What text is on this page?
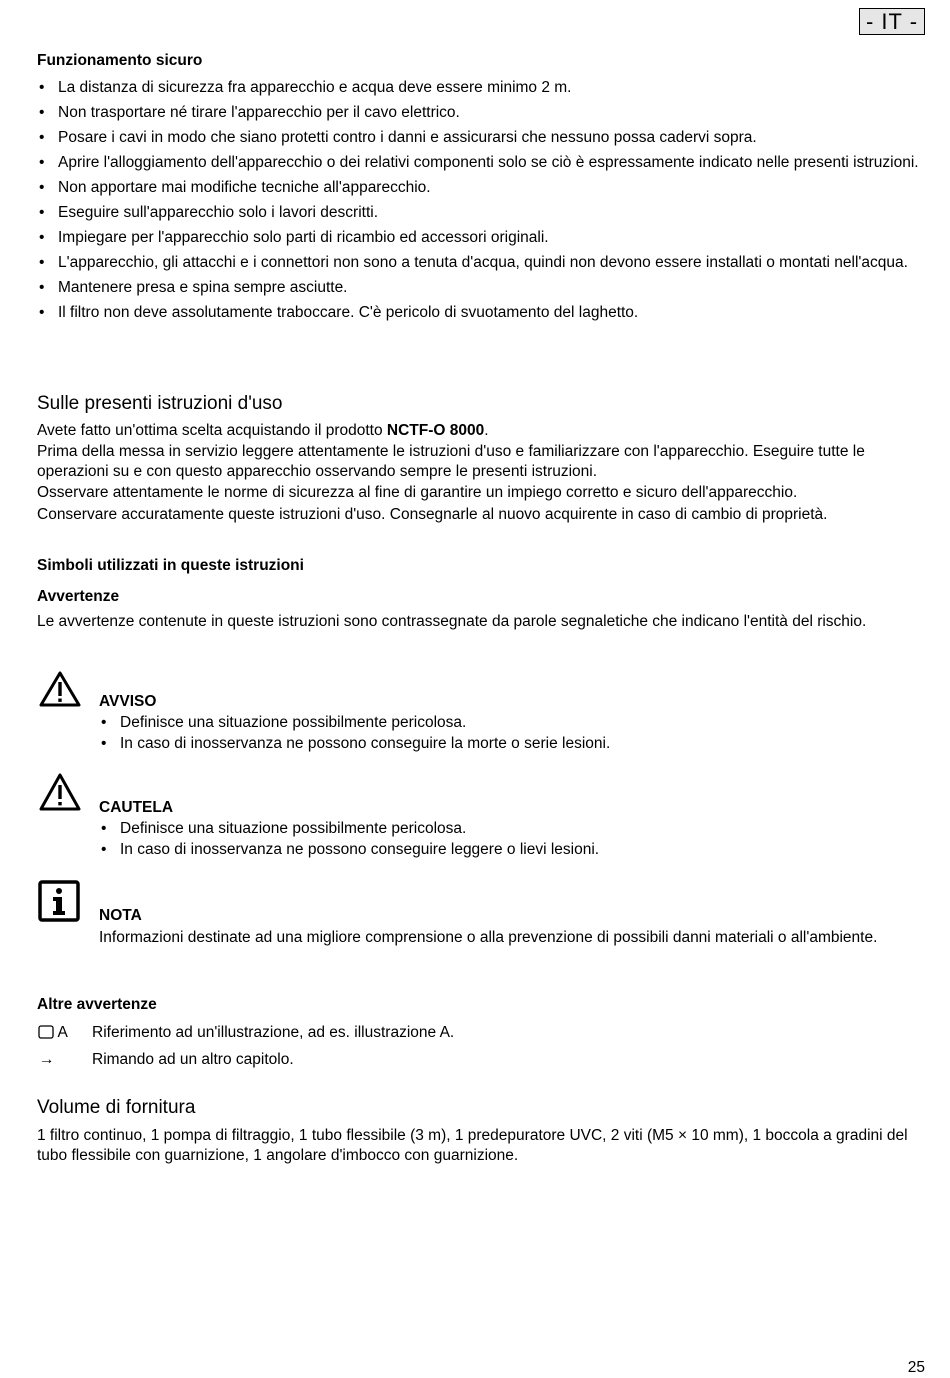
- IT -
Funzionamento sicuro
• La distanza di sicurezza fra apparecchio e acqua deve essere minimo 2 m.
• Non trasportare né tirare l'apparecchio per il cavo elettrico.
• Posare i cavi in modo che siano protetti contro i danni e assicurarsi che nessuno possa cadervi sopra.
• Aprire l'alloggiamento dell'apparecchio o dei relativi componenti solo se ciò è espressamente indicato nelle presenti istruzioni.
• Non apportare mai modifiche tecniche all'apparecchio.
• Eseguire sull'apparecchio solo i lavori descritti.
• Impiegare per l'apparecchio solo parti di ricambio ed accessori originali.
• L'apparecchio, gli attacchi e i connettori non sono a tenuta d'acqua, quindi non devono essere installati o montati nell'acqua.
• Mantenere presa e spina sempre asciutte.
• Il filtro non deve assolutamente traboccare. C'è pericolo di svuotamento del laghetto.
Sulle presenti istruzioni d'uso

Avete fatto un'ottima scelta acquistando il prodotto NCTF-O 8000.

Prima della messa in servizio leggere attentamente le istruzioni d'uso e familiarizzare con l'apparecchio. Eseguire tutte le operazioni su e con questo apparecchio osservando sempre le presenti istruzioni.

Osservare attentamente le norme di sicurezza al fine di garantire un impiego corretto e sicuro dell'apparecchio.

Conservare accuratamente queste istruzioni d'uso. Consegnarle al nuovo acquirente in caso di cambio di proprietà.

Simboli utilizzati in queste istruzioni
Avvertenze
Le avvertenze contenute in queste istruzioni sono contrassegnate da parole segnaletiche che indicano l'entità del rischio.
AVVISO
• Definisce una situazione possibilmente pericolosa.
• In caso di inosservanza ne possono conseguire la morte o serie lesioni.
CAUTELA
• Definisce una situazione possibilmente pericolosa.
• In caso di inosservanza ne possono conseguire leggere o lievi lesioni.
NOTA
Informazioni destinate ad una migliore comprensione o alla prevenzione di possibili danni materiali o all'ambiente.
Altre avvertenze
A Riferimento ad un'illustrazione, ad es. illustrazione A.
→ Rimando ad un altro capitolo.
Volume di fornitura
1 filtro continuo, 1 pompa di filtraggio, 1 tubo flessibile (3 m), 1 predepuratore UVC, 2 viti (M5 × 10 mm), 1 boccola a gradini del tubo flessibile con guarnizione, 1 angolare d'imbocco con guarnizione.
25
